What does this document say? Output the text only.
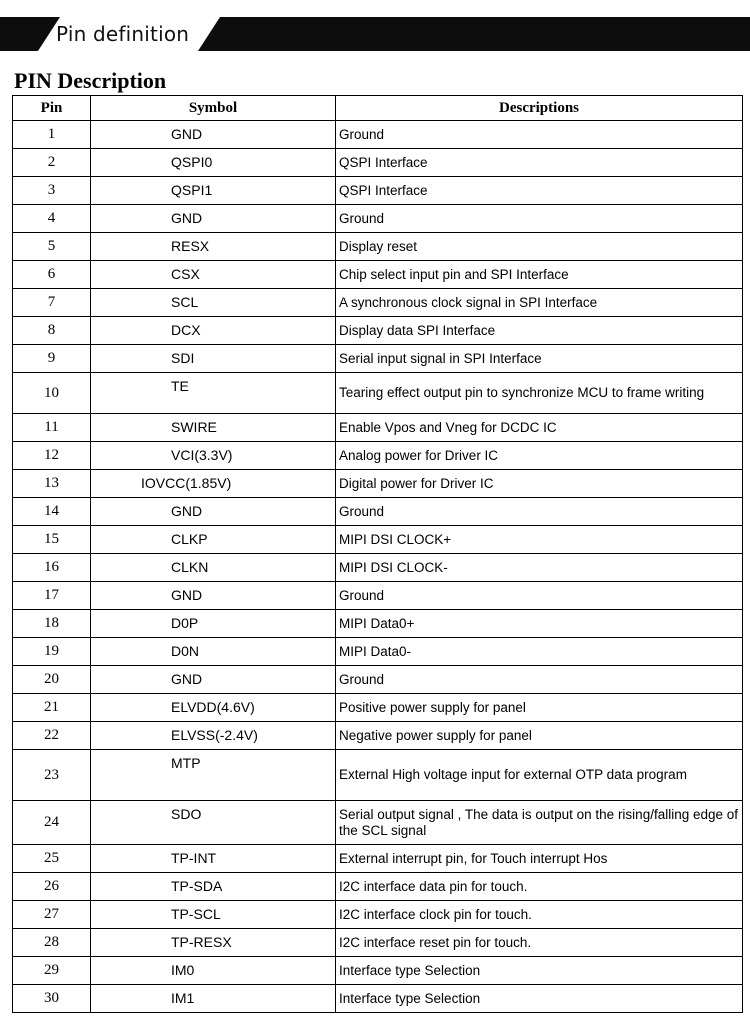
Pin definition
PIN Description
Pin	Symbol	Descriptions
1	GND	Ground
2	QSPI0	QSPI Interface
3	QSPI1	QSPI Interface
4	GND	Ground
5	RESX	Display reset
6	CSX	Chip select input pin and SPI Interface
7	SCL	A synchronous clock signal in SPI Interface
8	DCX	Display data SPI Interface
9	SDI	Serial input signal in SPI Interface
10	TE	Tearing effect output pin to synchronize MCU to frame writing
11	SWIRE	Enable Vpos and Vneg for DCDC IC
12	VCI(3.3V)	Analog power for Driver IC
13	IOVCC(1.85V)	Digital power for Driver IC
14	GND	Ground
15	CLKP	MIPI DSI CLOCK+
16	CLKN	MIPI DSI CLOCK-
17	GND	Ground
18	D0P	MIPI Data0+
19	D0N	MIPI Data0-
20	GND	Ground
21	ELVDD(4.6V)	Positive power supply for panel
22	ELVSS(-2.4V)	Negative power supply for panel
23	MTP	External High voltage input for external OTP data program
24	SDO	Serial output signal , The data is output on the rising/falling edge of the SCL signal
25	TP-INT	External interrupt pin, for Touch interrupt Hos
26	TP-SDA	I2C interface data pin for touch.
27	TP-SCL	I2C interface clock pin for touch.
28	TP-RESX	I2C interface reset pin for touch.
29	IM0	Interface type Selection
30	IM1	Interface type Selection
